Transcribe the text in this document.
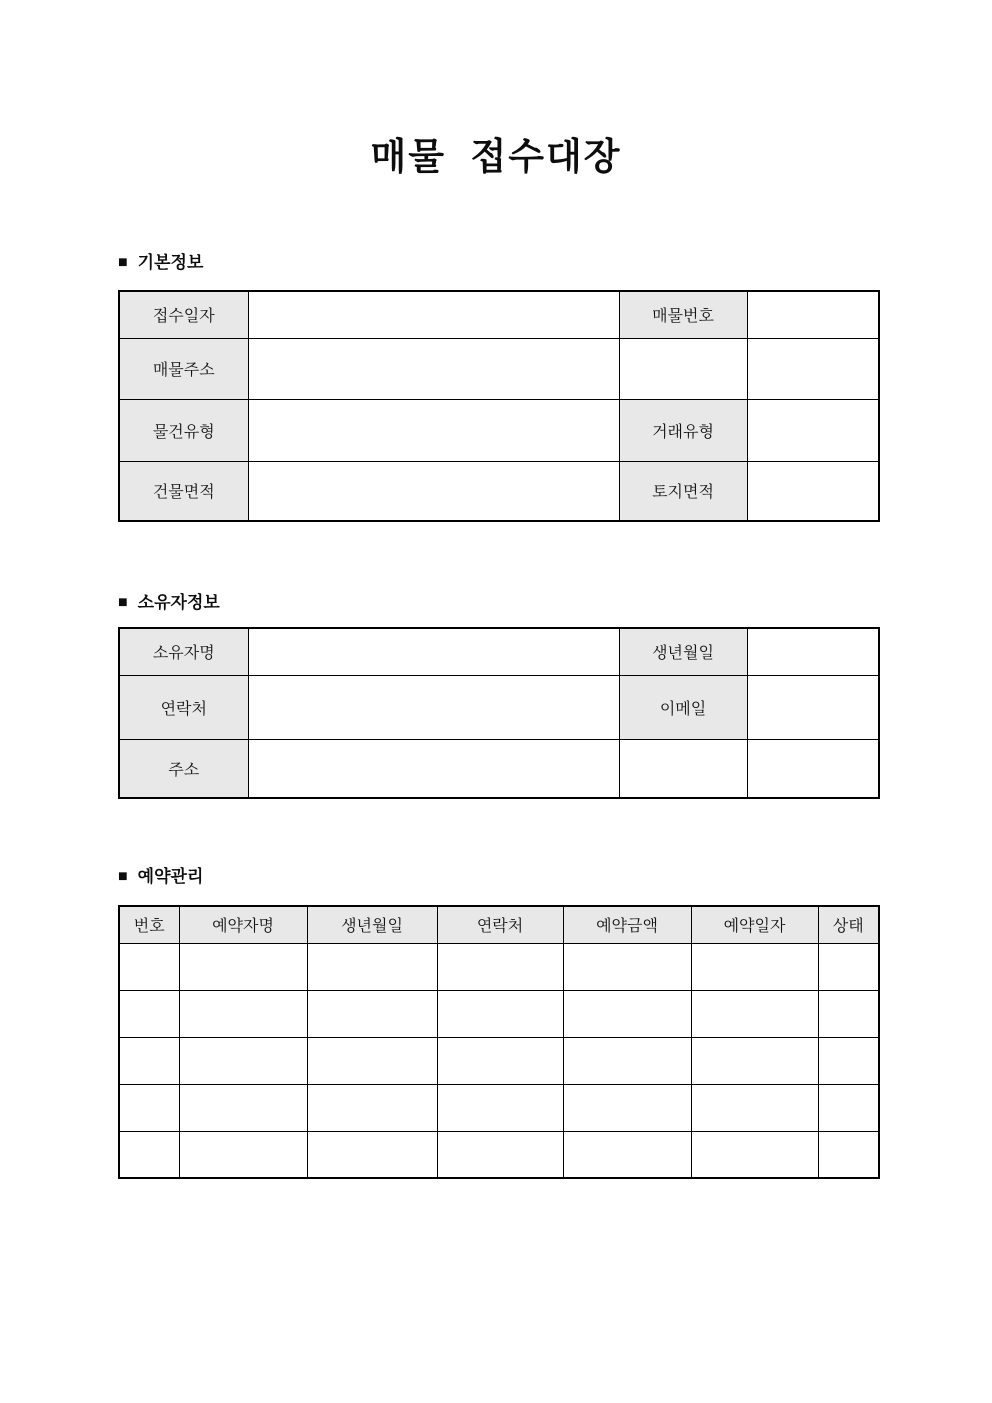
매물  접수대장
■ 기본정보
접수일자		매물번호	
매물주소			
물건유형		거래유형	
건물면적		토지면적	
■ 소유자정보
소유자명		생년월일	
연락처		이메일	
주소			
■ 예약관리
번호	예약자명	생년월일	연락처	예약금액	예약일자	상태
